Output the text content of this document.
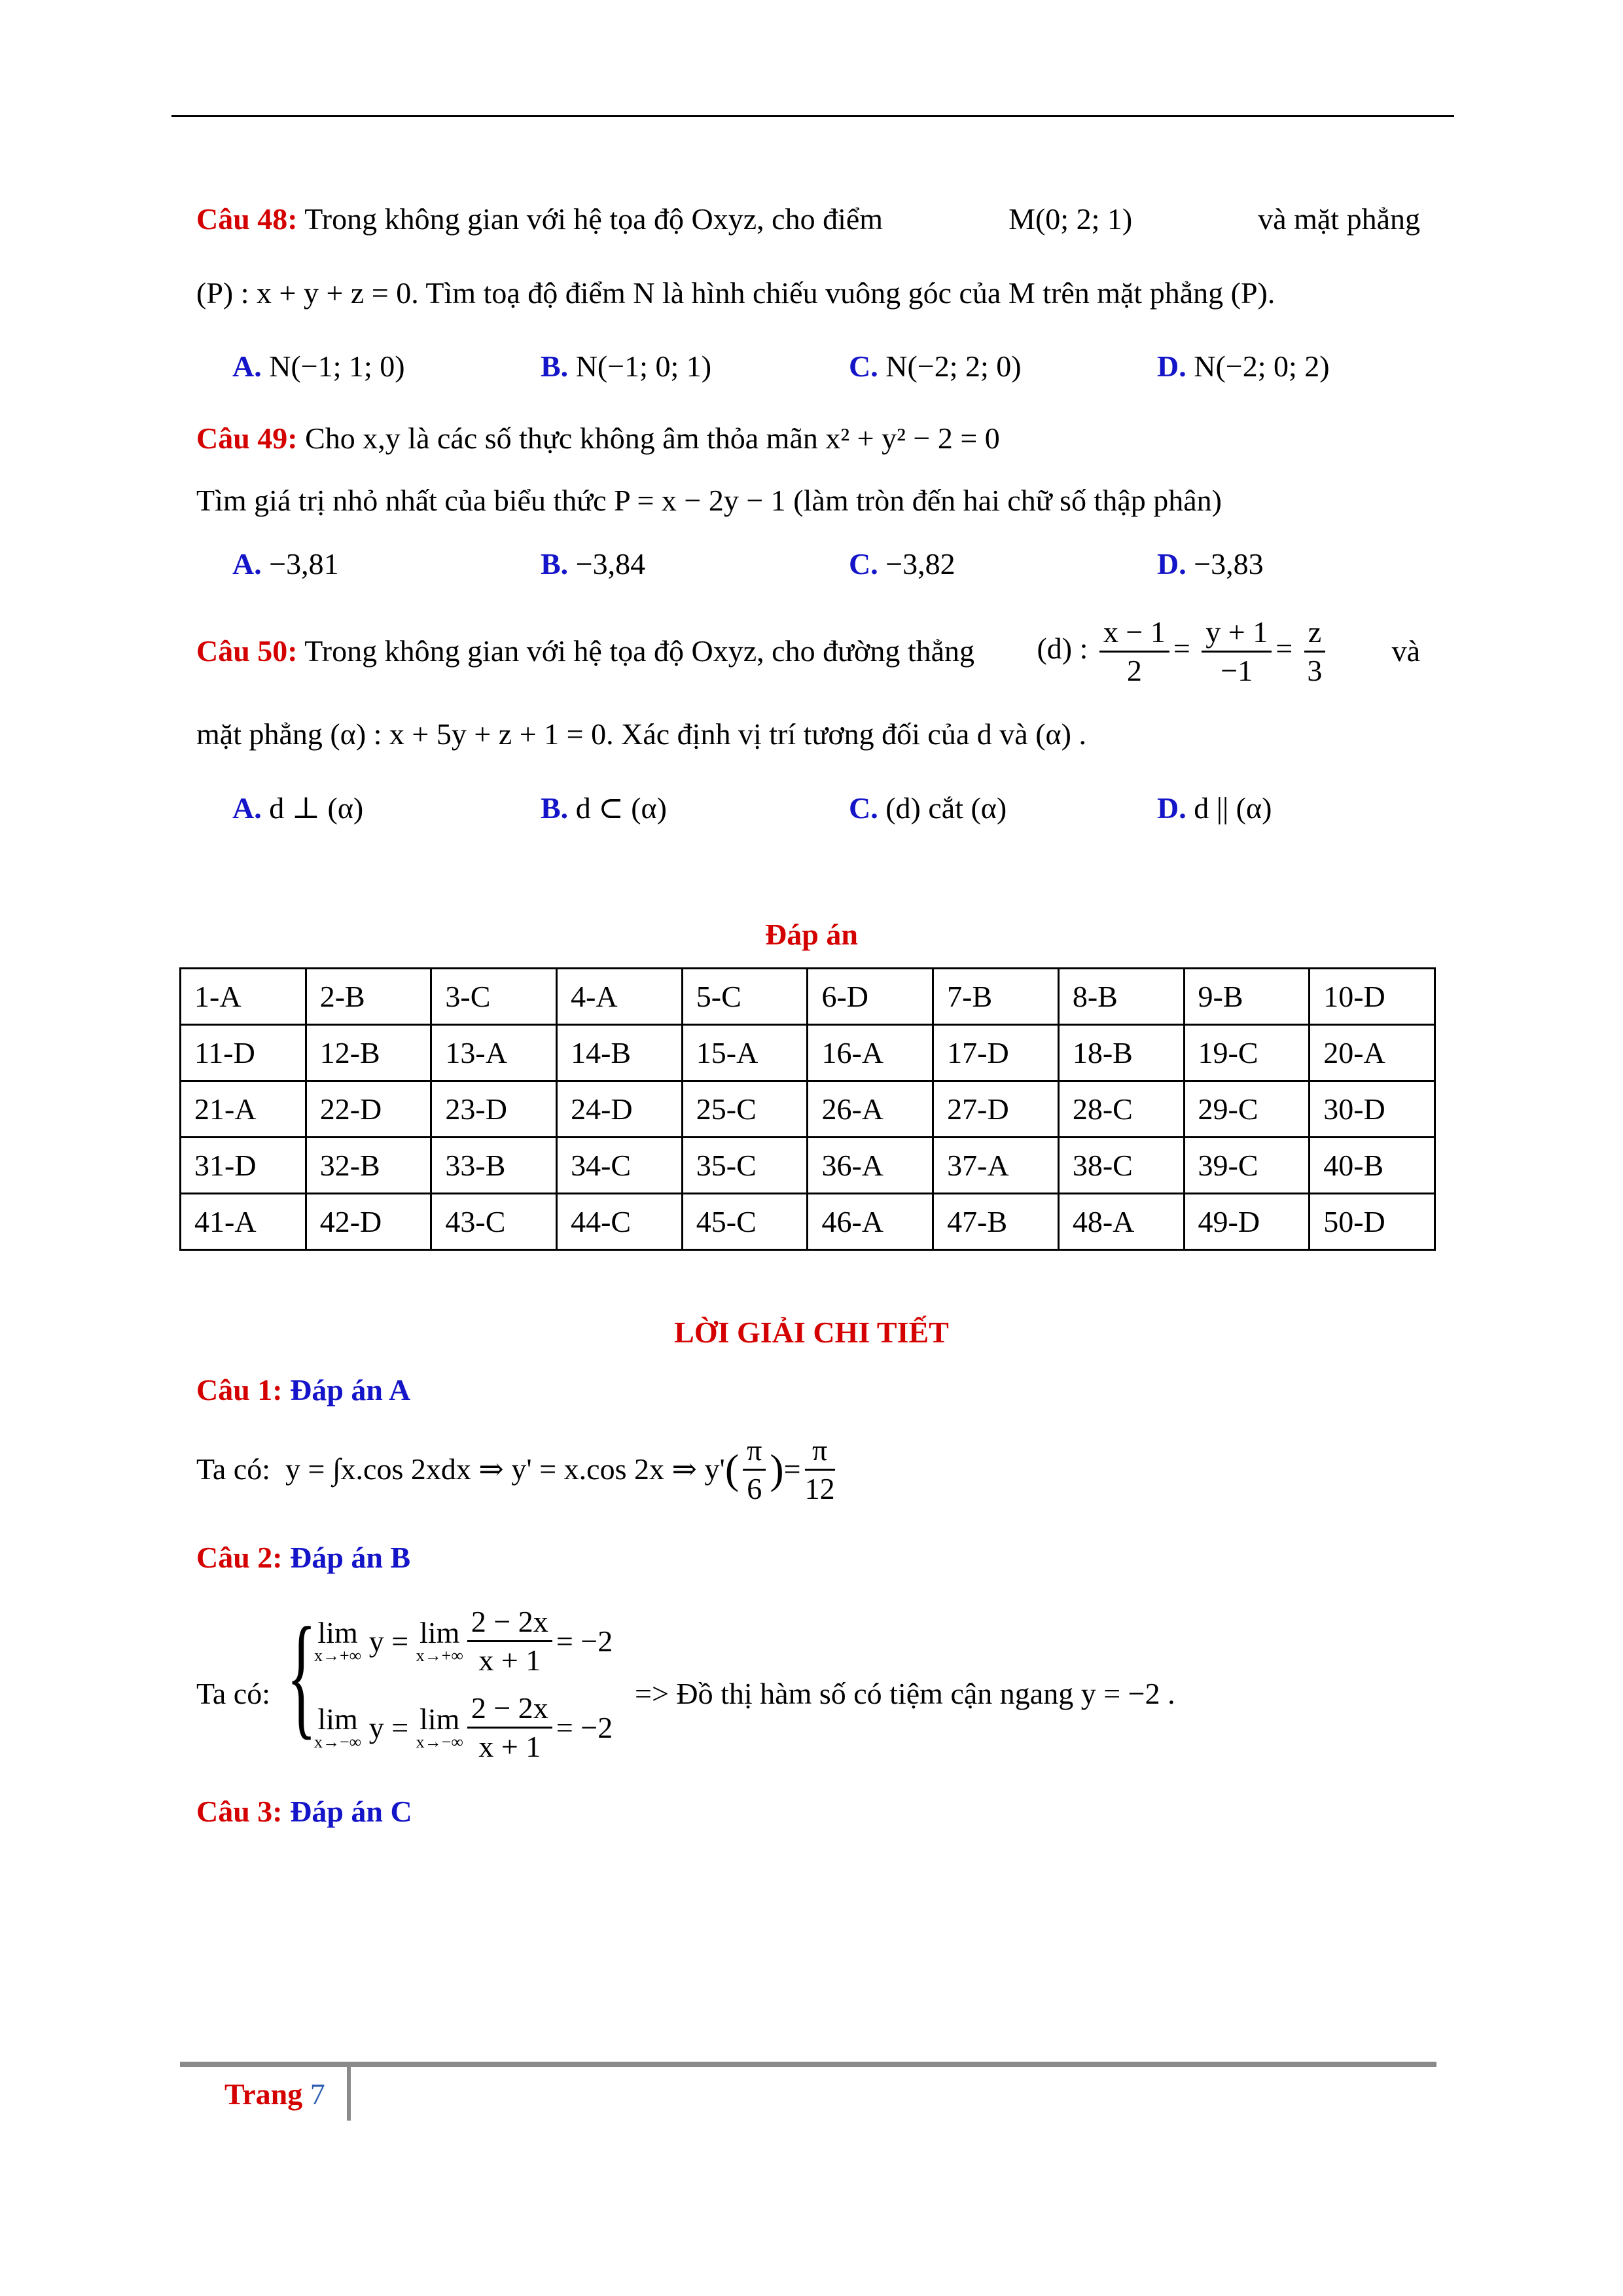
Câu 48: Trong không gian với hệ tọa độ Oxyz, cho điểm	M(0; 2; 1)	và mặt phẳng
(P) : x + y + z = 0. Tìm toạ độ điểm N là hình chiếu vuông góc của M trên mặt phẳng (P).
A. N(−1; 1; 0)	B. N(−1; 0; 1)	C. N(−2; 2; 0)	D. N(−2; 0; 2)
Câu 49: Cho x,y là các số thực không âm thỏa mãn x² + y² − 2 = 0
Tìm giá trị nhỏ nhất của biểu thức P = x − 2y − 1 (làm tròn đến hai chữ số thập phân)
A. −3,81	B. −3,84	C. −3,82	D. −3,83
Câu 50: Trong không gian với hệ tọa độ Oxyz, cho đường thẳng (d) : $\frac{x - 1}{2} = \frac{y + 1}{-1} = \frac{z}{3}$ và
mặt phẳng (α) : x + 5y + z + 1 = 0. Xác định vị trí tương đối của d và (α) .
A. d ⊥ (α)	B. d ⊂ (α)	C. (d) cắt (α)	D. d || (α)
Đáp án
1-A	2-B	3-C	4-A	5-C	6-D	7-B	8-B	9-B	10-D
11-D	12-B	13-A	14-B	15-A	16-A	17-D	18-B	19-C	20-A
21-A	22-D	23-D	24-D	25-C	26-A	27-D	28-C	29-C	30-D
31-D	32-B	33-B	34-C	35-C	36-A	37-A	38-C	39-C	40-B
41-A	42-D	43-C	44-C	45-C	46-A	47-B	48-A	49-D	50-D
LỜI GIẢI CHI TIẾT
Câu 1: Đáp án A
Ta có:
y = ∫x.cos 2xdx ⇒ y' = x.cos 2x ⇒ y' ( $\frac{\pi}{6}$ ) = $\frac{\pi}{12}$
Câu 2: Đáp án B
Ta có: { lim
x→+∞
y =
lim
$x\to+\infty \frac{2 - 2x}{x + 1} = -2$
lim
x→−∞
y =
lim
$x\to-\infty \frac{2 - 2x}{x + 1} = -2$
=> Đồ thị hàm số có tiệm cận ngang y = −2 .
Câu 3: Đáp án C
Trang 7
